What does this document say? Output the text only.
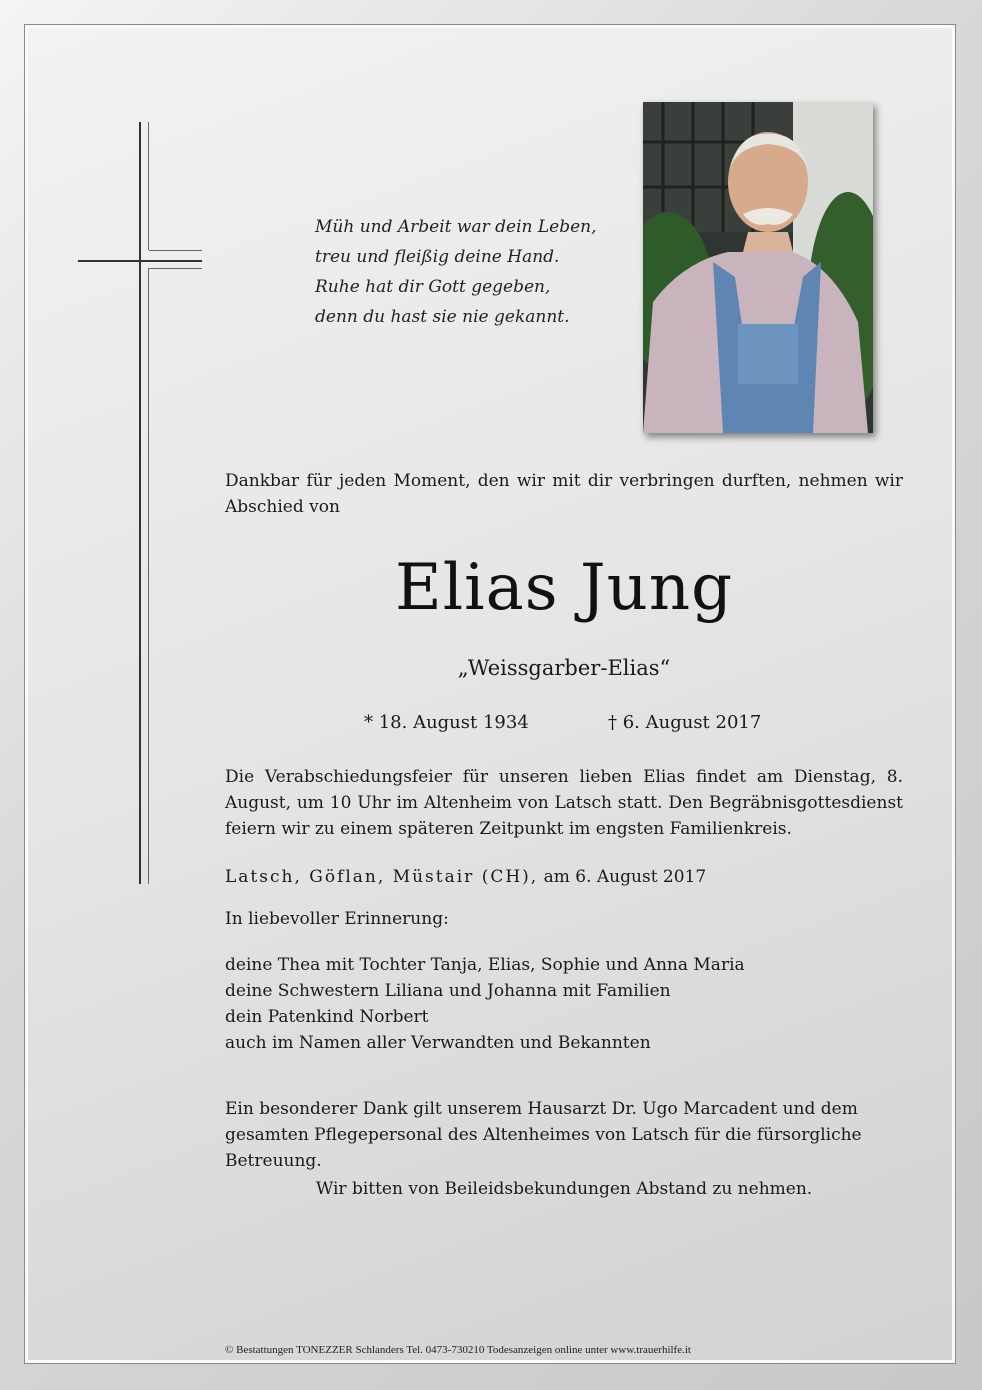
Müh und Arbeit war dein Leben,
treu und fleißig deine Hand.
Ruhe hat dir Gott gegeben,
denn du hast sie nie gekannt.
Dankbar für jeden Moment, den wir mit dir verbringen durften, nehmen wir Abschied von
Elias Jung
„Weissgarber-Elias“
* 18. August 1934	† 6. August 2017
Die Verabschiedungsfeier für unseren lieben Elias findet am Dienstag, 8. August, um 10 Uhr im Altenheim von Latsch statt. Den Begräbnisgottesdienst feiern wir zu einem späteren Zeitpunkt im engsten Familienkreis.
Latsch, Göflan, Müstair (CH), am 6. August 2017
In liebevoller Erinnerung:
deine Thea mit Tochter Tanja, Elias, Sophie und Anna Maria
deine Schwestern Liliana und Johanna mit Familien
dein Patenkind Norbert
auch im Namen aller Verwandten und Bekannten
Ein besonderer Dank gilt unserem Hausarzt Dr. Ugo Marcadent und dem gesamten Pflegepersonal des Altenheimes von Latsch für die fürsorgliche Betreuung.
Wir bitten von Beileidsbekundungen Abstand zu nehmen.
© Bestattungen TONEZZER Schlanders Tel. 0473-730210 Todesanzeigen online unter www.trauerhilfe.it
